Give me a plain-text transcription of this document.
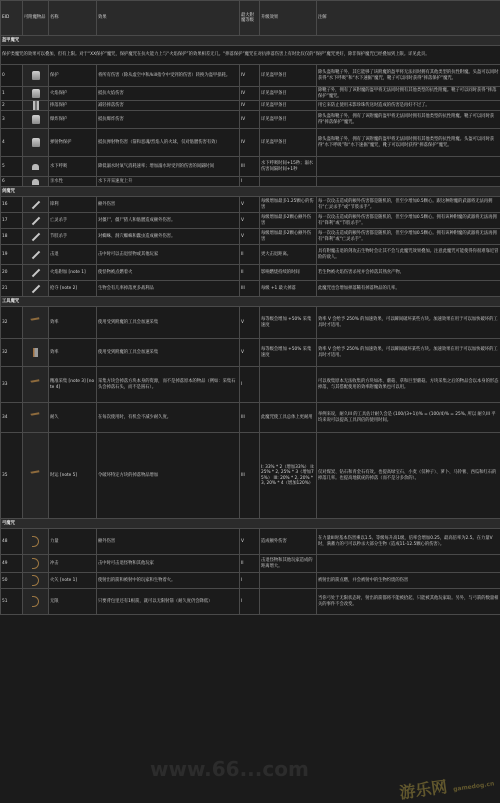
EID	可附魔物品	名称	效果	最大附魔等级	升级效果	注解
盔甲魔咒						
保护类魔咒的效果可以叠加，但有上限。对于“XX保护”魔咒，保护魔咒在抗火能力上与“火焰保护”的效果相差无几。“摔落保护”魔咒在对抗摔落伤害上有时比仅仅的“保护”魔咒更好，除非保护魔咒已经叠加到上限。详见此页。						
0		保护	将所有伤害（除从虚空中和/kill指令中受到的伤害）转换为盔甲损耗。	IV	详见盔甲条目	除头盔和靴子外，其它能够了该附魔的盔甲将无法同时拥有其他类型的抗性附魔。头盔可以同时获得“水下呼吸”和“水下速掘”魔咒，靴子可以同时获得“摔落保护”魔咒。
1		火焰保护	抵抗火焰伤害	IV	详见盔甲条目	除靴子外，拥有了该附魔的盔甲将无法同时拥有其他类型的抗性附魔。靴子可以同时获得“摔落保护”魔咒。
2		摔落保护	减轻摔落伤害	IV	详见盔甲条目	用它来防止使用末影珍珠传送时造成的伤害是再好不过了。
3		爆炸保护	抵抗爆炸伤害	IV	详见盔甲条目	除头盔和靴子外，拥有了该附魔的盔甲将无法同时拥有其他类型的抗性附魔。靴子可以同时获得“摔落保护”魔咒。
4		弹射物保护	抵抗弹射物伤害（箭和恶魂/烈焰人的火球，仅对骷髅伤害有效）	IV	详见盔甲条目	除头盔和靴子外，拥有了该附魔的盔甲将无法同时拥有其他类型的抗性附魔。头盔可以同时获得“水下呼吸”和“水下速掘”魔咒，靴子可以同时获得“摔落保护”魔咒。
5		水下呼吸	降低溺水时氧气消耗速率；增加溺水时受到的伤害的间隔时间	III	水下呼吸时间+15秒；溺水伤害间隔时间+1秒	
6		亲水性	水下开采速度上升	I		
剑魔咒						
16		锋利	额外伤害	V	每级增加最多1.25颗心的伤害	每一次攻击造成的额外伤害都是随机的，但至少增加0.5颗心。跟这种附魔的武器将无法再拥有“亡灵杀手”或“节肢杀手”。
17		亡灵杀手	对僵尸，僵尸猪人和骷髅造成额外伤害。	V	每级增加最多2颗心额外伤害	每一次攻击造成的额外伤害都是随机的，但至少增加0.5颗心。拥有该种附魔的武器将无法再拥有“锋利”或“节肢杀手”。
18		节肢杀手	对蜘蛛、洞穴蜘蛛和蠹虫造成额外伤害。	V	每级增加最多2颗心额外伤害	每一次攻击造成的额外伤害都是随机的，但至少增加0.5颗心。拥有该种附魔的武器将无法再拥有“锋利”或“亡灵杀手”。
19		击退	击中时可以击退怪物或其他玩家	II	更大击退距离。	具有附魔击退的剑攻击生物时会让其不会与此魔咒效果叠加。注意此魔咒可能使得你很难靠近冒险的敌人。
20		火焰附加 [note 1]	使怪物被点燃着火	II	影响燃烧持续的时间	若生物被火焰伤害杀死并会掉落其熟食产物。
21		抢夺 [note 2]	生物会有几率掉落更多战利品	III	每级 +1 最大掉落	此魔咒也会增加掉落稀有掉落物品的几率。
工具魔咒						
32		效率	使用受到附魔的工具会加速采集	V	每等级会增加 +50% 采集速度	效率 V 会给予 250% 的加速效果，可以瞬间破坏某些方块。加速效果在用于可以加快破坏的工具时才适用。
32		效率	使用受到附魔的工具会加速采集	V	每等级会增加 +50% 采集速度	效率 V 会给予 250% 的加速效果，可以瞬间破坏某些方块。加速效果在用于可以加快破坏的工具时才适用。
33		精准采集 [note 3] [note 4]	采集方块会掉落方块本身的资源，而不是掉落原本的物品（例如：采集石头会掉落石头，而不是圆石）。	I		可以收集原本无法收集的方块如冰、蘑菇、草和巨型蘑菇。方块采集之后的物品会以本身的形态掉落，与其搭配使用的效率附魔效果也可以用。
34		耐久	在每次使用时，有机会不减少耐久度。	III	此魔咒使工具总体上更耐用	举例来说，耐久III 的工具估计耐久会是 (100/(3+1))% = (100/4)% = 25%, 所以 耐久III 平均来说可以提高工具四倍的使用时间。
35		时运 [note 5]	令破坏特定方块的掉落物品增加	III	I: 33% * 2（增加33%） II: 25% * 2, 25% * 3（增加75%） III: 20% * 2, 20% * 3, 20% * 4（增加120%）	仅对煤炭、钻石和青金石有效。也提高绿宝石、小麦（仅种子）、萝卜、马铃薯、西瓜和红石的掉落几率。也提高地狱疣的掉落（而不是分多余的）。
弓魔咒						
48		力量	额外伤害	V	造成额外伤害	在力量III时基本伤害乘以1.5。等级每升高1级，倍率会增加0.25，最高倍率为2.5。在力量V时，满蓄力的弓可以秒杀大部分生物（造成11-12.5颗心的伤害）。
49		冲击	击中时可击退怪物和其他玩家	II	击退怪物和其他玩家造成的距离增大。	
50		火矢 [note 1]	使射出的箭和被射中的玩家和生物着火。	I		被射出的箭点燃，并会被射中的生物灼烧的伤害
51		无限	只要背包里还有1根箭，就可以无限射箭（耐久度仍会降低）	I		当你弓处于无限状态时，射出的箭都将不能被拾起，只能被其他玩家取。另外，与弓箭的数量相关的事件不会改变。
www.66...com
游乐网 gamedog.cn
